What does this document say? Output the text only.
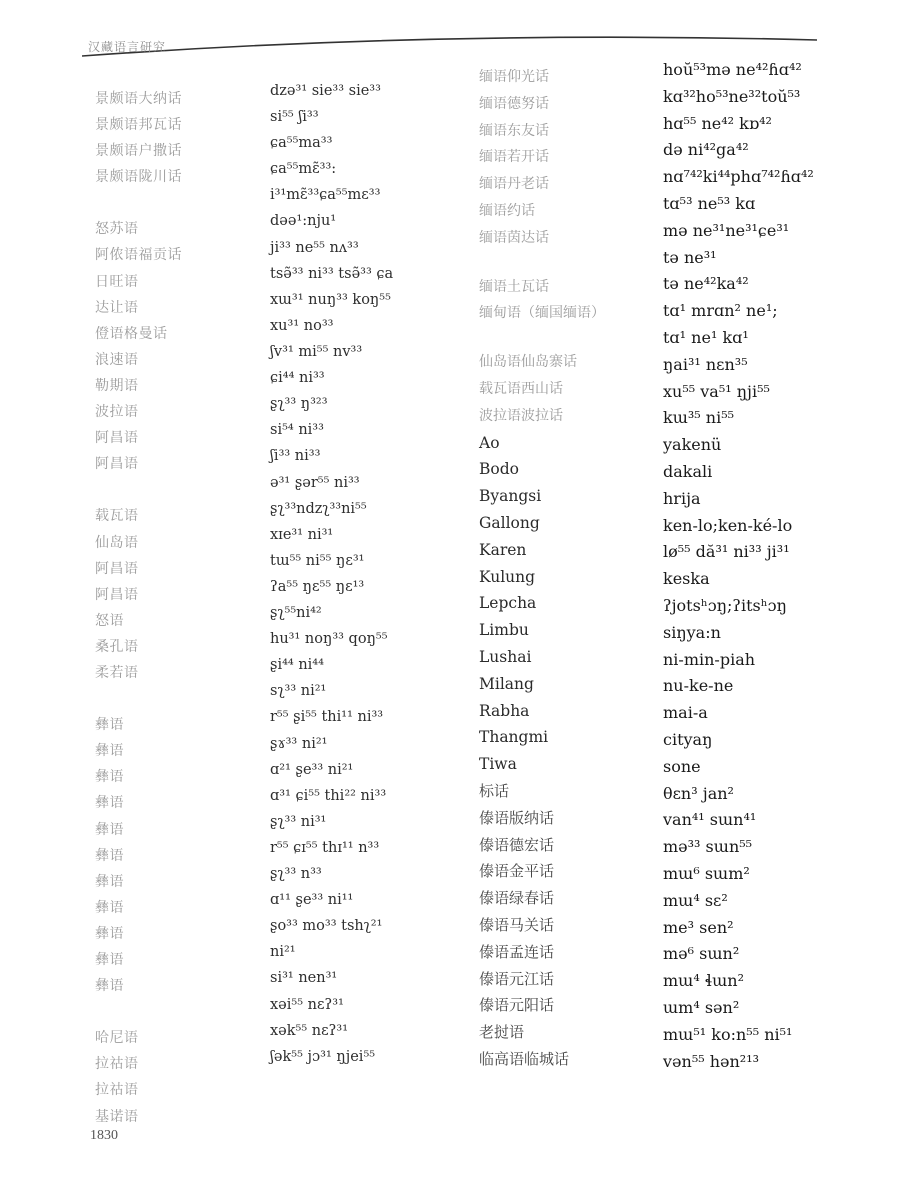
汉藏语言研究
景颇语大纳话
景颇语邦瓦话
景颇语户撒话
景颇语陇川话
怒苏语
阿侬语福贡话
日旺语
达让语
僜语格曼话
浪速语
勒期语
波拉语
阿昌语
阿昌语
载瓦语
仙岛语
阿昌语
阿昌语
怒语
桑孔语
柔若语
彝语
彝语
彝语
彝语
彝语
彝语
彝语
彝语
彝语
彝语
彝语
哈尼语
拉祜语
拉祜语
基诺语
dzə³¹ sie³³ sie³³
si⁵⁵ ʃi³³
ɕa⁵⁵ma³³
ɕa⁵⁵mɛ̃³³:
i³¹mɛ̃³³ɕa⁵⁵mɛ³³
dəə¹:nju¹
ji³³ ne⁵⁵ nʌ³³
tsə̃³³ ni³³ tsə̃³³ ɕa
xɯ³¹ nuŋ³³ koŋ⁵⁵
xu³¹ no³³
ʃv³¹ mi⁵⁵ nv³³
ɕi⁴⁴ ni³³
ʂʅ³³ ŋ³²³
si⁵⁴ ni³³
ʃi³³ ni³³
ə³¹ ʂər⁵⁵ ni³³
ʂʅ³³ndzʅ³³ni⁵⁵
xɪe³¹ ni³¹
tɯ⁵⁵ ni⁵⁵ ŋɛ³¹
ʔa⁵⁵ ŋɛ⁵⁵ ŋɛ¹³
ʂʅ⁵⁵ni⁴²
hu³¹ noŋ³³ qoŋ⁵⁵
ʂi⁴⁴ ni⁴⁴
sʅ³³ ni²¹
r⁵⁵ ʂi⁵⁵ thi¹¹ ni³³
ʂɤ³³ ni²¹
ɑ²¹ ʂe³³ ni²¹
ɑ³¹ ɕi⁵⁵ thi²² ni³³
ʂʅ³³ ni³¹
r⁵⁵ ɕɪ⁵⁵ thɪ¹¹ n³³
ʂʅ³³ n³³
ɑ¹¹ ʂe³³ ni¹¹
ʂo³³ mo³³ tshʅ²¹
ni²¹
si³¹ nen³¹
xəi⁵⁵ nɛʔ³¹
xək⁵⁵ nɛʔ³¹
ʃək⁵⁵ jɔ³¹ ŋjei⁵⁵
缅语仰光话
缅语德努话
缅语东友话
缅语若开话
缅语丹老话
缅语约话
缅语茵达话
缅语土瓦话
缅甸语（缅国缅语）
仙岛语仙岛寨话
载瓦语西山话
波拉语波拉话
Ao
Bodo
Byangsi
Gallong
Karen
Kulung
Lepcha
Limbu
Lushai
Milang
Rabha
Thangmi
Tiwa
标话
傣语版纳话
傣语德宏话
傣语金平话
傣语绿春话
傣语马关话
傣语孟连话
傣语元江话
傣语元阳话
老挝语
临高语临城话
hoŭ⁵³mə ne⁴²ɦɑ⁴²
kɑ³²ho⁵³ne³²toŭ⁵³
hɑ⁵⁵ ne⁴² kɒ⁴²
də ni⁴²ga⁴²
nɑ⁷⁴²ki⁴⁴phɑ⁷⁴²ɦɑ⁴²
tɑ⁵³ ne⁵³ kɑ
mə ne³¹ne³¹ɕe³¹
tə ne³¹
tə ne⁴²ka⁴²
tɑ¹ mrɑn² ne¹;
tɑ¹ ne¹ kɑ¹
ŋai³¹ nɛn³⁵
xu⁵⁵ va⁵¹ ŋji⁵⁵
kɯ³⁵ ni⁵⁵
yakenü
dakali
hrija
ken-lo;ken-ké-lo
lø⁵⁵ dă³¹ ni³³ ji³¹
keska
ʔjotsʰɔŋ;ʔitsʰɔŋ
siŋya:n
ni-min-piah
nu-ke-ne
mai-a
cityaŋ
sone
θɛn³ jan²
van⁴¹ sɯn⁴¹
mə³³ sɯn⁵⁵
mɯ⁶ sɯm²
mɯ⁴ sɛ²
me³ sen²
mə⁶ sɯn²
mɯ⁴ ɬɯn²
ɯm⁴ sən²
mɯ⁵¹ ko:n⁵⁵ ni⁵¹
vən⁵⁵ hən²¹³
1830
